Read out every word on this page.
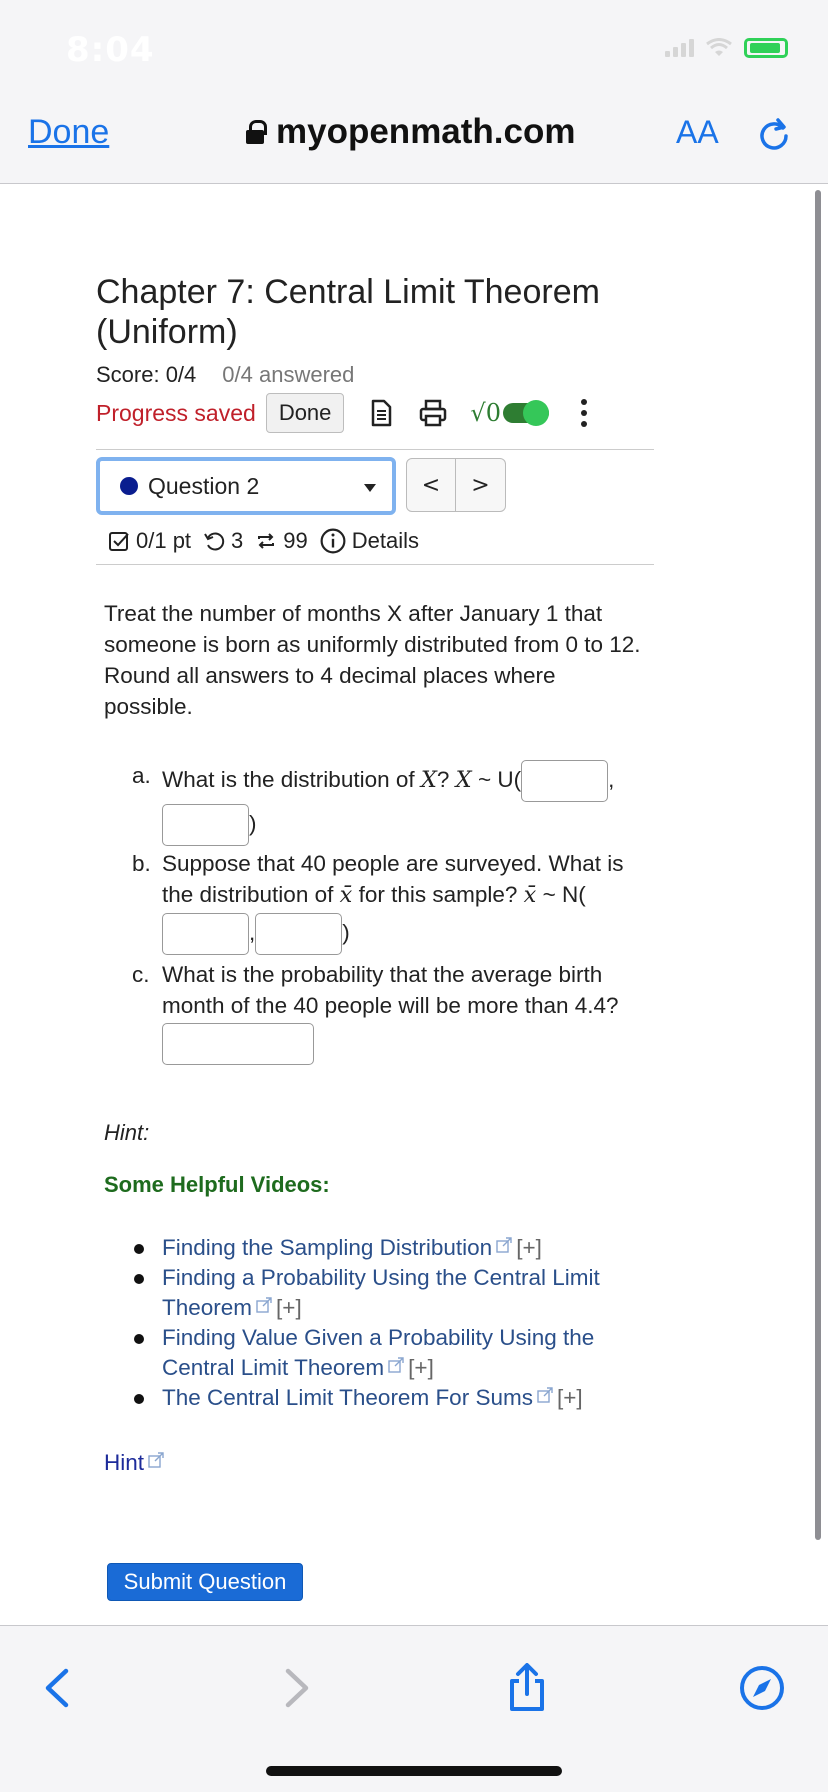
8:04
Done	myopenmath.com	AA
Chapter 7: Central Limit Theorem (Uniform)
Score: 0/4 0/4 answered
Progress saved	Done	√0
Question 2	<	>
0/1 pt 3 99 Details
Treat the number of months X after January 1 that someone is born as uniformly distributed from 0 to 12. Round all answers to 4 decimal places where possible.
a. What is the distribution of X? X ~ U(	,
)
b. Suppose that 40 people are surveyed. What is the distribution of x̄ for this sample? x̄ ~ N(
,	)
c. What is the probability that the average birth month of the 40 people will be more than 4.4?
Hint:
Some Helpful Videos:
Finding the Sampling Distribution [+]
Finding a Probability Using the Central Limit Theorem [+]
Finding Value Given a Probability Using the Central Limit Theorem [+]
The Central Limit Theorem For Sums [+]
Hint
Submit Question
